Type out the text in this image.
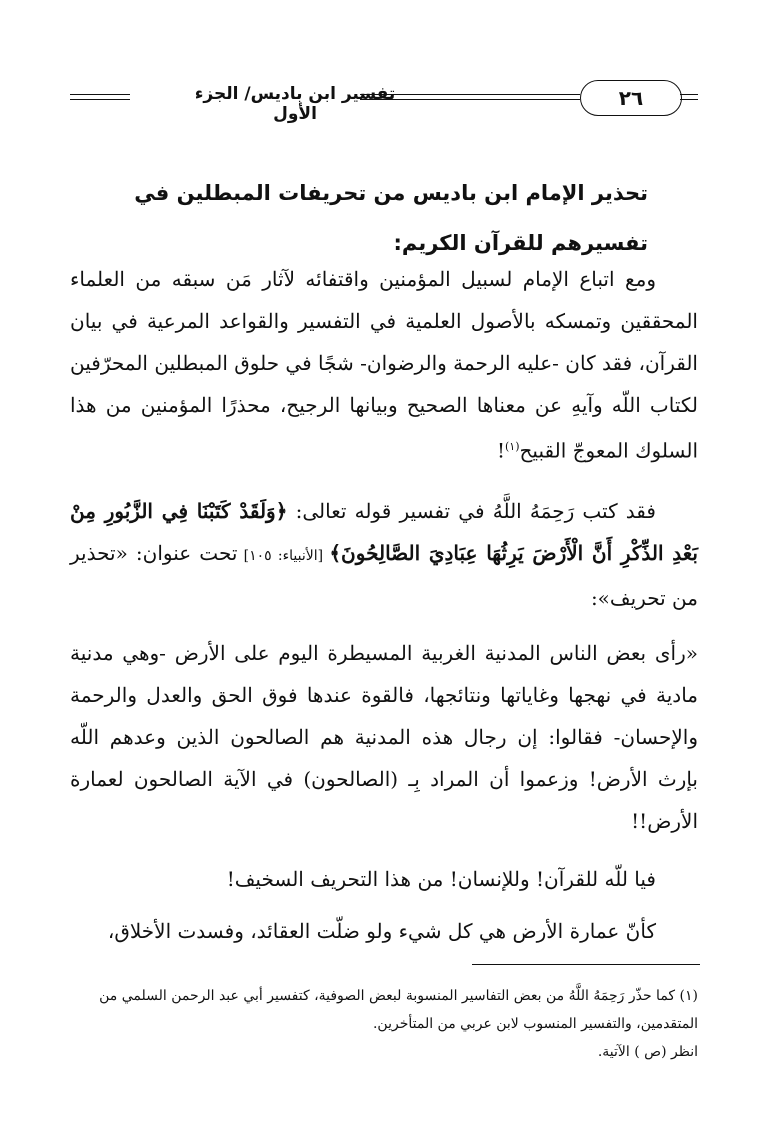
تفسير ابن باديس/ الجزء الأول
٢٦
تحذير الإمام ابن باديس من تحريفات المبطلين في تفسيرهم للقرآن الكريم:
ومع اتباع الإمام لسبيل المؤمنين واقتفائه لآثار مَن سبقه من العلماء المحققين وتمسكه بالأصول العلمية في التفسير والقواعد المرعية في بيان القرآن، فقد كان -عليه الرحمة والرضوان- شجًا في حلوق المبطلين المحرّفين لكتاب اللّه وآيهِ عن معناها الصحيح وبيانها الرجيح، محذرًا المؤمنين من هذا السلوك المعوجّ القبيح$^{(١)}$!
فقد كتب رَحِمَهُ اللَّهُ في تفسير قوله تعالى: ﴿وَلَقَدْ كَتَبْنَا فِي الزَّبُورِ مِنْ بَعْدِ الذِّكْرِ أَنَّ الْأَرْضَ يَرِثُهَا عِبَادِيَ الصَّالِحُونَ﴾ [الأنبياء: ١٠٥] تحت عنوان: «تحذير من تحريف»:
«رأى بعض الناس المدنية الغربية المسيطرة اليوم على الأرض -وهي مدنية مادية في نهجها وغاياتها ونتائجها، فالقوة عندها فوق الحق والعدل والرحمة والإحسان- فقالوا: إن رجال هذه المدنية هم الصالحون الذين وعدهم اللّه بإرث الأرض! وزعموا أن المراد بِـ (الصالحون) في الآية الصالحون لعمارة الأرض!!
فيا للّه للقرآن! وللإنسان! من هذا التحريف السخيف!
كأنّ عمارة الأرض هي كل شيء ولو ضلّت العقائد، وفسدت الأخلاق،
(١) كما حذّر رَحِمَهُ اللَّهُ من بعض التفاسير المنسوبة لبعض الصوفية، كتفسير أبي عبد الرحمن السلمي من المتقدمين، والتفسير المنسوب لابن عربي من المتأخرين.
انظر (ص ) الآتية.
